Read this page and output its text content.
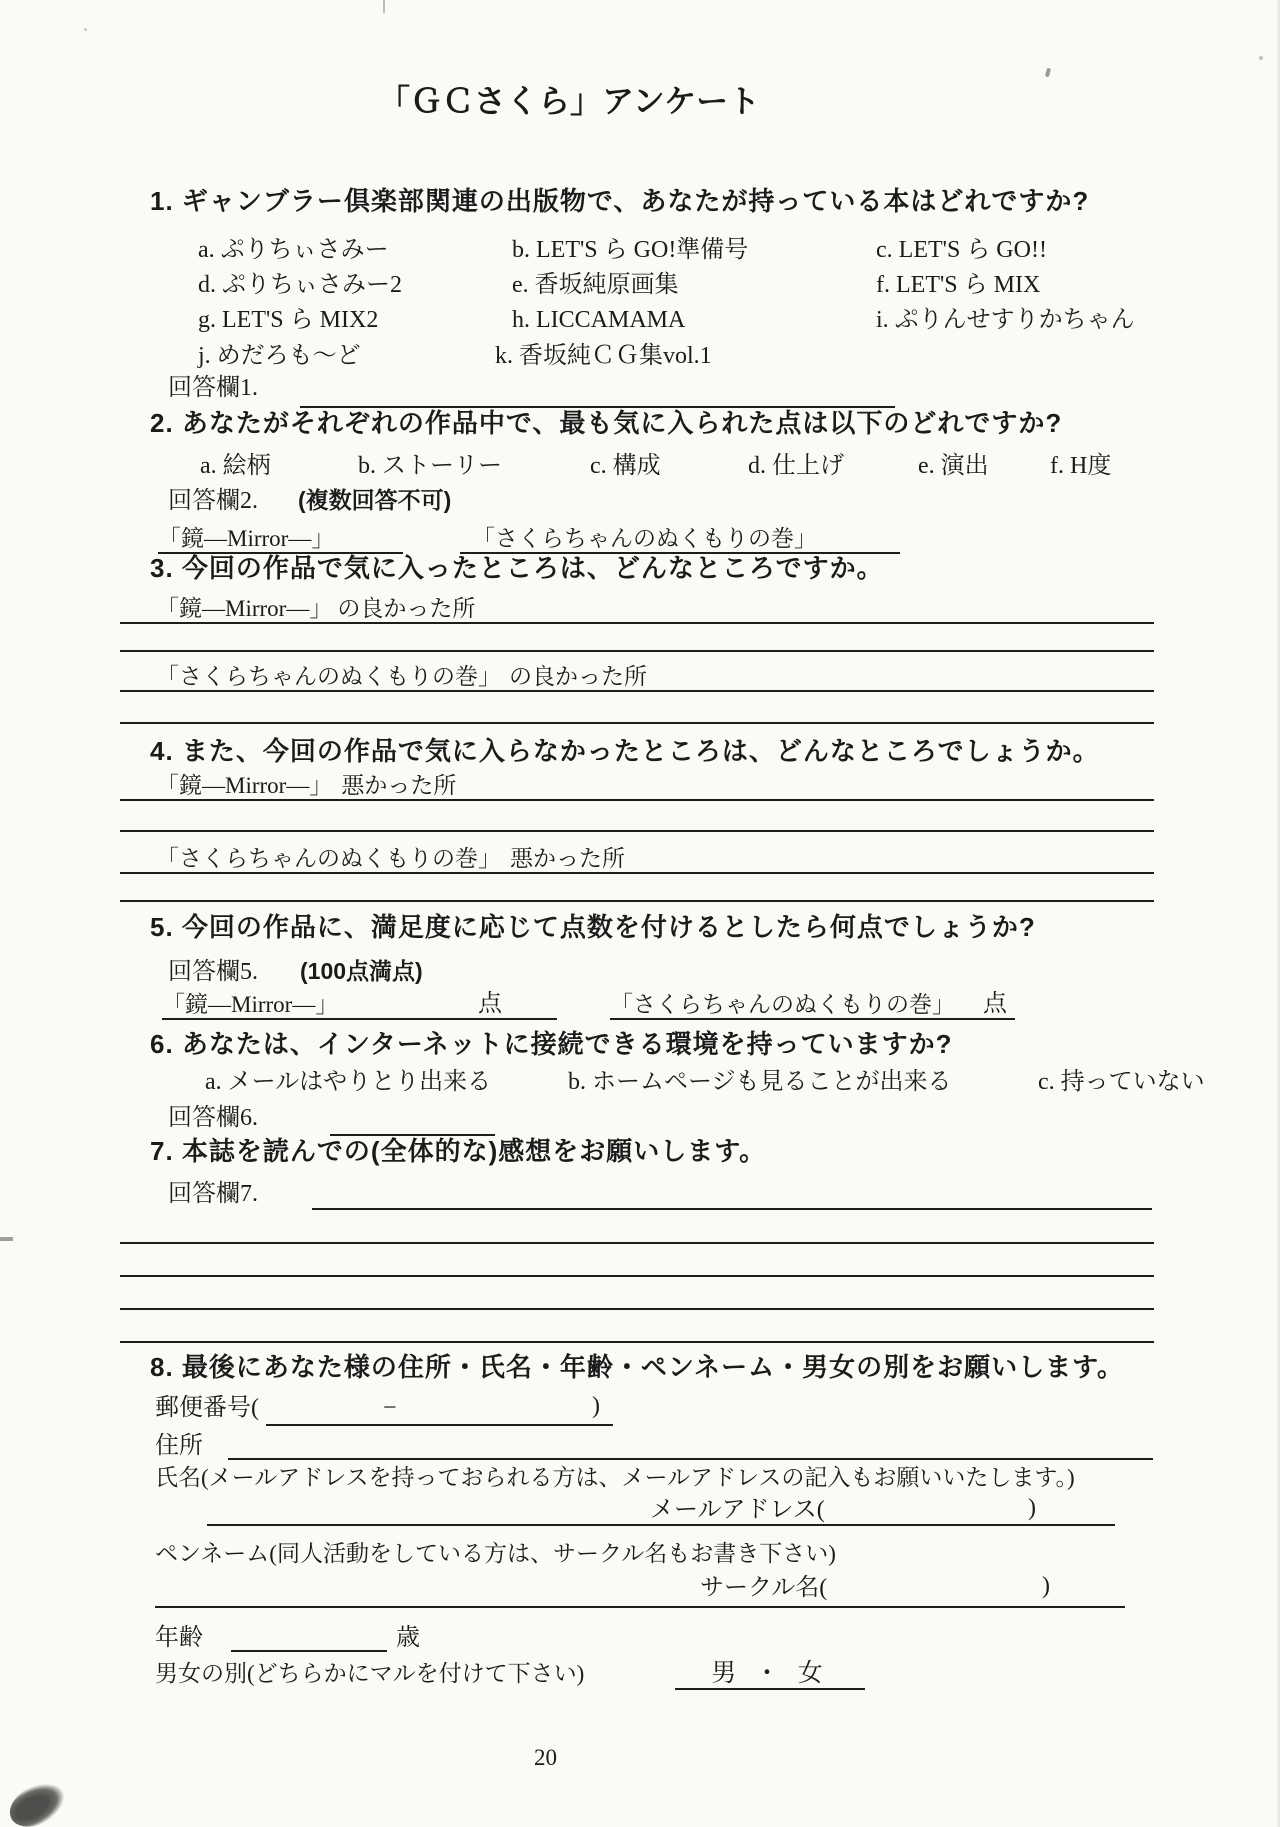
「ＧＣさくら」アンケート
1. ギャンブラー倶楽部関連の出版物で、あなたが持っている本はどれですか?
a. ぷりちぃさみー	b. LET'S ら GO!準備号	c. LET'S ら GO!!
d. ぷりちぃさみー2	e. 香坂純原画集	f. LET'S ら MIX
g. LET'S ら MIX2	h. LICCAMAMA	i. ぷりんせすりかちゃん
j. めだろも～ど	k. 香坂純ＣＧ集vol.1
回答欄1.
2. あなたがそれぞれの作品中で、最も気に入られた点は以下のどれですか?
a. 絵柄	b. ストーリー	c. 構成	d. 仕上げ	e. 演出	f. H度
回答欄2. (複数回答不可)
「鏡―Mirror―」	「さくらちゃんのぬくもりの巻」
3. 今回の作品で気に入ったところは、どんなところですか。
「鏡―Mirror―」 の良かった所
「さくらちゃんのぬくもりの巻」 の良かった所
4. また、今回の作品で気に入らなかったところは、どんなところでしょうか。
「鏡―Mirror―」 悪かった所
「さくらちゃんのぬくもりの巻」 悪かった所
5. 今回の作品に、満足度に応じて点数を付けるとしたら何点でしょうか?
回答欄5. (100点満点)
「鏡―Mirror―」	点	「さくらちゃんのぬくもりの巻」 点
6. あなたは、インターネットに接続できる環境を持っていますか?
a. メールはやりとり出来る	b. ホームページも見ることが出来る	c. 持っていない
回答欄6.
7. 本誌を読んでの(全体的な)感想をお願いします。
回答欄7.
8. 最後にあなた様の住所・氏名・年齢・ペンネーム・男女の別をお願いします。
郵便番号(	−	)
住所
氏名(メールアドレスを持っておられる方は、メールアドレスの記入もお願いいたします。)
メールアドレス(	)
ペンネーム(同人活動をしている方は、サークル名もお書き下さい)
サークル名(	)
年齢	歳
男女の別(どちらかにマルを付けて下さい)	男 ・ 女
20
